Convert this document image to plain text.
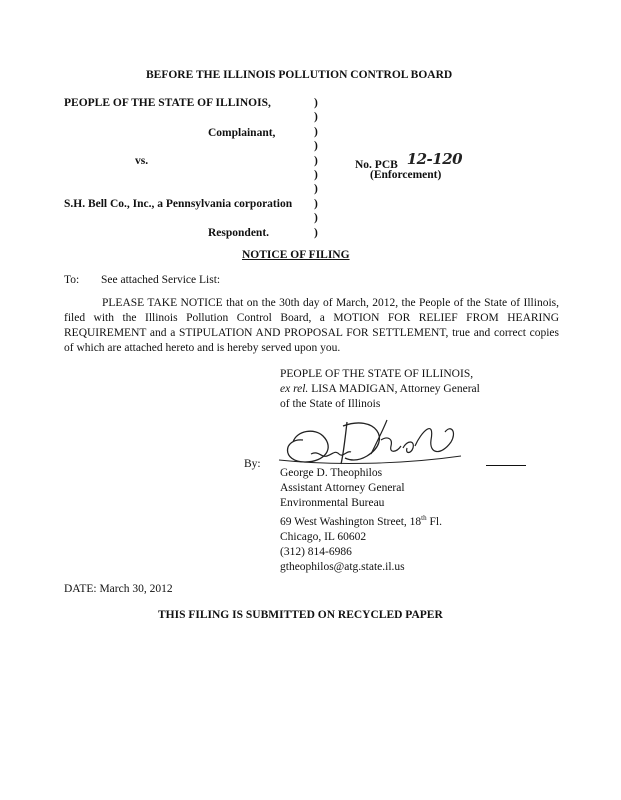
BEFORE THE ILLINOIS POLLUTION CONTROL BOARD
PEOPLE OF THE STATE OF ILLINOIS,
Complainant,
vs.
S.H. Bell Co., Inc., a Pennsylvania corporation
Respondent.
)
)
)
)
)
)
)
)
)
)
No. PCB 12-120
(Enforcement)
NOTICE OF FILING
To: See attached Service List:
PLEASE TAKE NOTICE that on the 30th day of March, 2012, the People of the State of Illinois, filed with the Illinois Pollution Control Board, a MOTION FOR RELIEF FROM HEARING REQUIREMENT and a STIPULATION AND PROPOSAL FOR SETTLEMENT, true and correct copies of which are attached hereto and is hereby served upon you.
PEOPLE OF THE STATE OF ILLINOIS,
ex rel. LISA MADIGAN, Attorney General
of the State of Illinois
By:
George D. Theophilos
Assistant Attorney General
Environmental Bureau
69 West Washington Street, 18th Fl.
Chicago, IL 60602
(312) 814-6986
gtheophilos@atg.state.il.us
DATE: March 30, 2012
THIS FILING IS SUBMITTED ON RECYCLED PAPER
